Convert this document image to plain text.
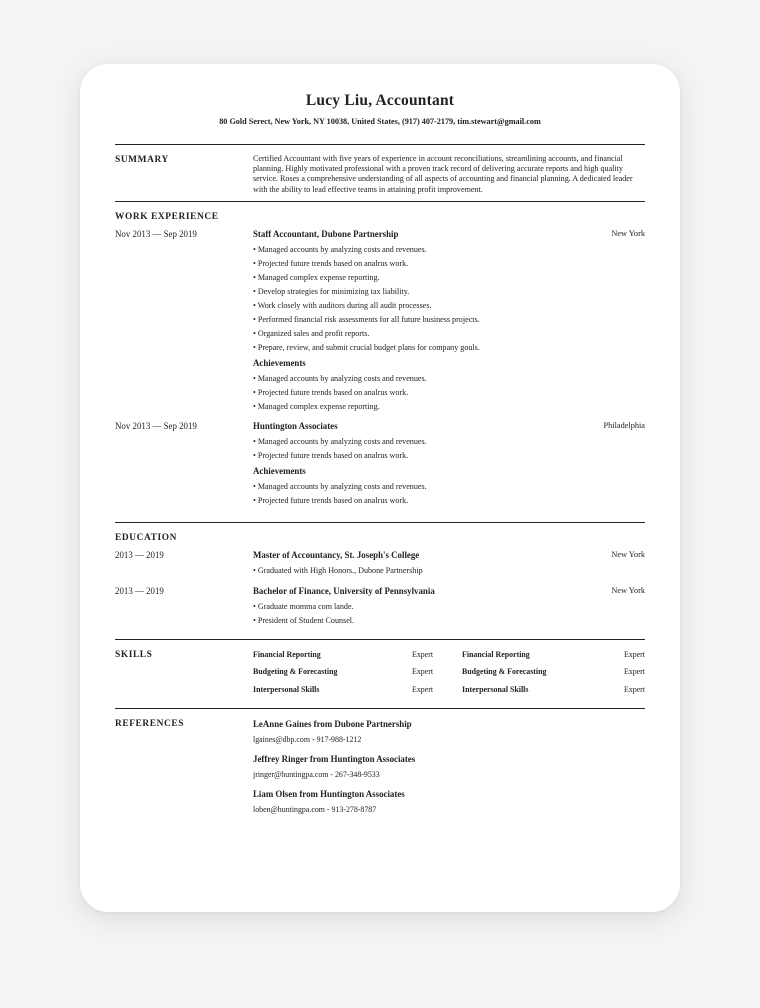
Lucy Liu, Accountant
80 Gold Serect, New York, NY 10038, United States, (917) 407-2179, tim.stewart@gmail.com
SUMMARY	Certified Accountant with five years of experience in account reconciliations, streamlining accounts, and financial planning. Highly motivated professional with a proven track record of delivering accurate reports and high quality service. Roses a comprehensive understanding of all aspects of accounting and financial planning. A dedicated leader with the ability to lead effective teams in attaining profit improvement.
WORK EXPERIENCE
Nov 2013 — Sep 2019	Staff Accountant, Dubone Partnership	New York
• Managed accounts by analyzing costs and revenues.
• Projected future trends based on analrus work.
• Managed complex expense reporting.
• Develop strategies for minimizing tax liability.
• Work closely with auditors during all audit processes.
• Performed financial risk assessments for all future business projects.
• Organized sales and profit reports.
• Prepare, review, and submit crucial budget plans for company gouls.
Achievements
• Managed accounts by analyzing costs and revenues.
• Projected future trends based on analrus work.
• Managed complex expense reporting.
Nov 2013 — Sep 2019	Huntington Associates	Philadelphia
• Managed accounts by analyzing costs and revenues.
• Projected future trends based on analrus work.
Achievements
• Managed accounts by analyzing costs and revenues.
• Projected future trends based on analrus work.
EDUCATION
2013 — 2019	Master of Accountancy, St. Joseph's College	New York
• Graduated with High Honors., Dubone Partnership
2013 — 2019	Bachelor of Finance, University of Pennsylvania	New York
• Graduate momma com lande.
• President of Student Counsel.
SKILLS	Financial Reporting	Expert	Financial Reporting	Expert
Budgeting & Forecasting	Expert	Budgeting & Forecasting	Expert
Interpersonal Skills	Expert	Interpersonal Skills	Expert
REFERENCES	LeAnne Gaines from Dubone Partnership
lgaines@dbp.com - 917-988-1212
Jeffrey Ringer from Huntington Associates
jringer@huntingpa.com - 267-348-9533
Liam Olsen from Huntington Associates
loben@huntingpa.com - 913-278-8787
